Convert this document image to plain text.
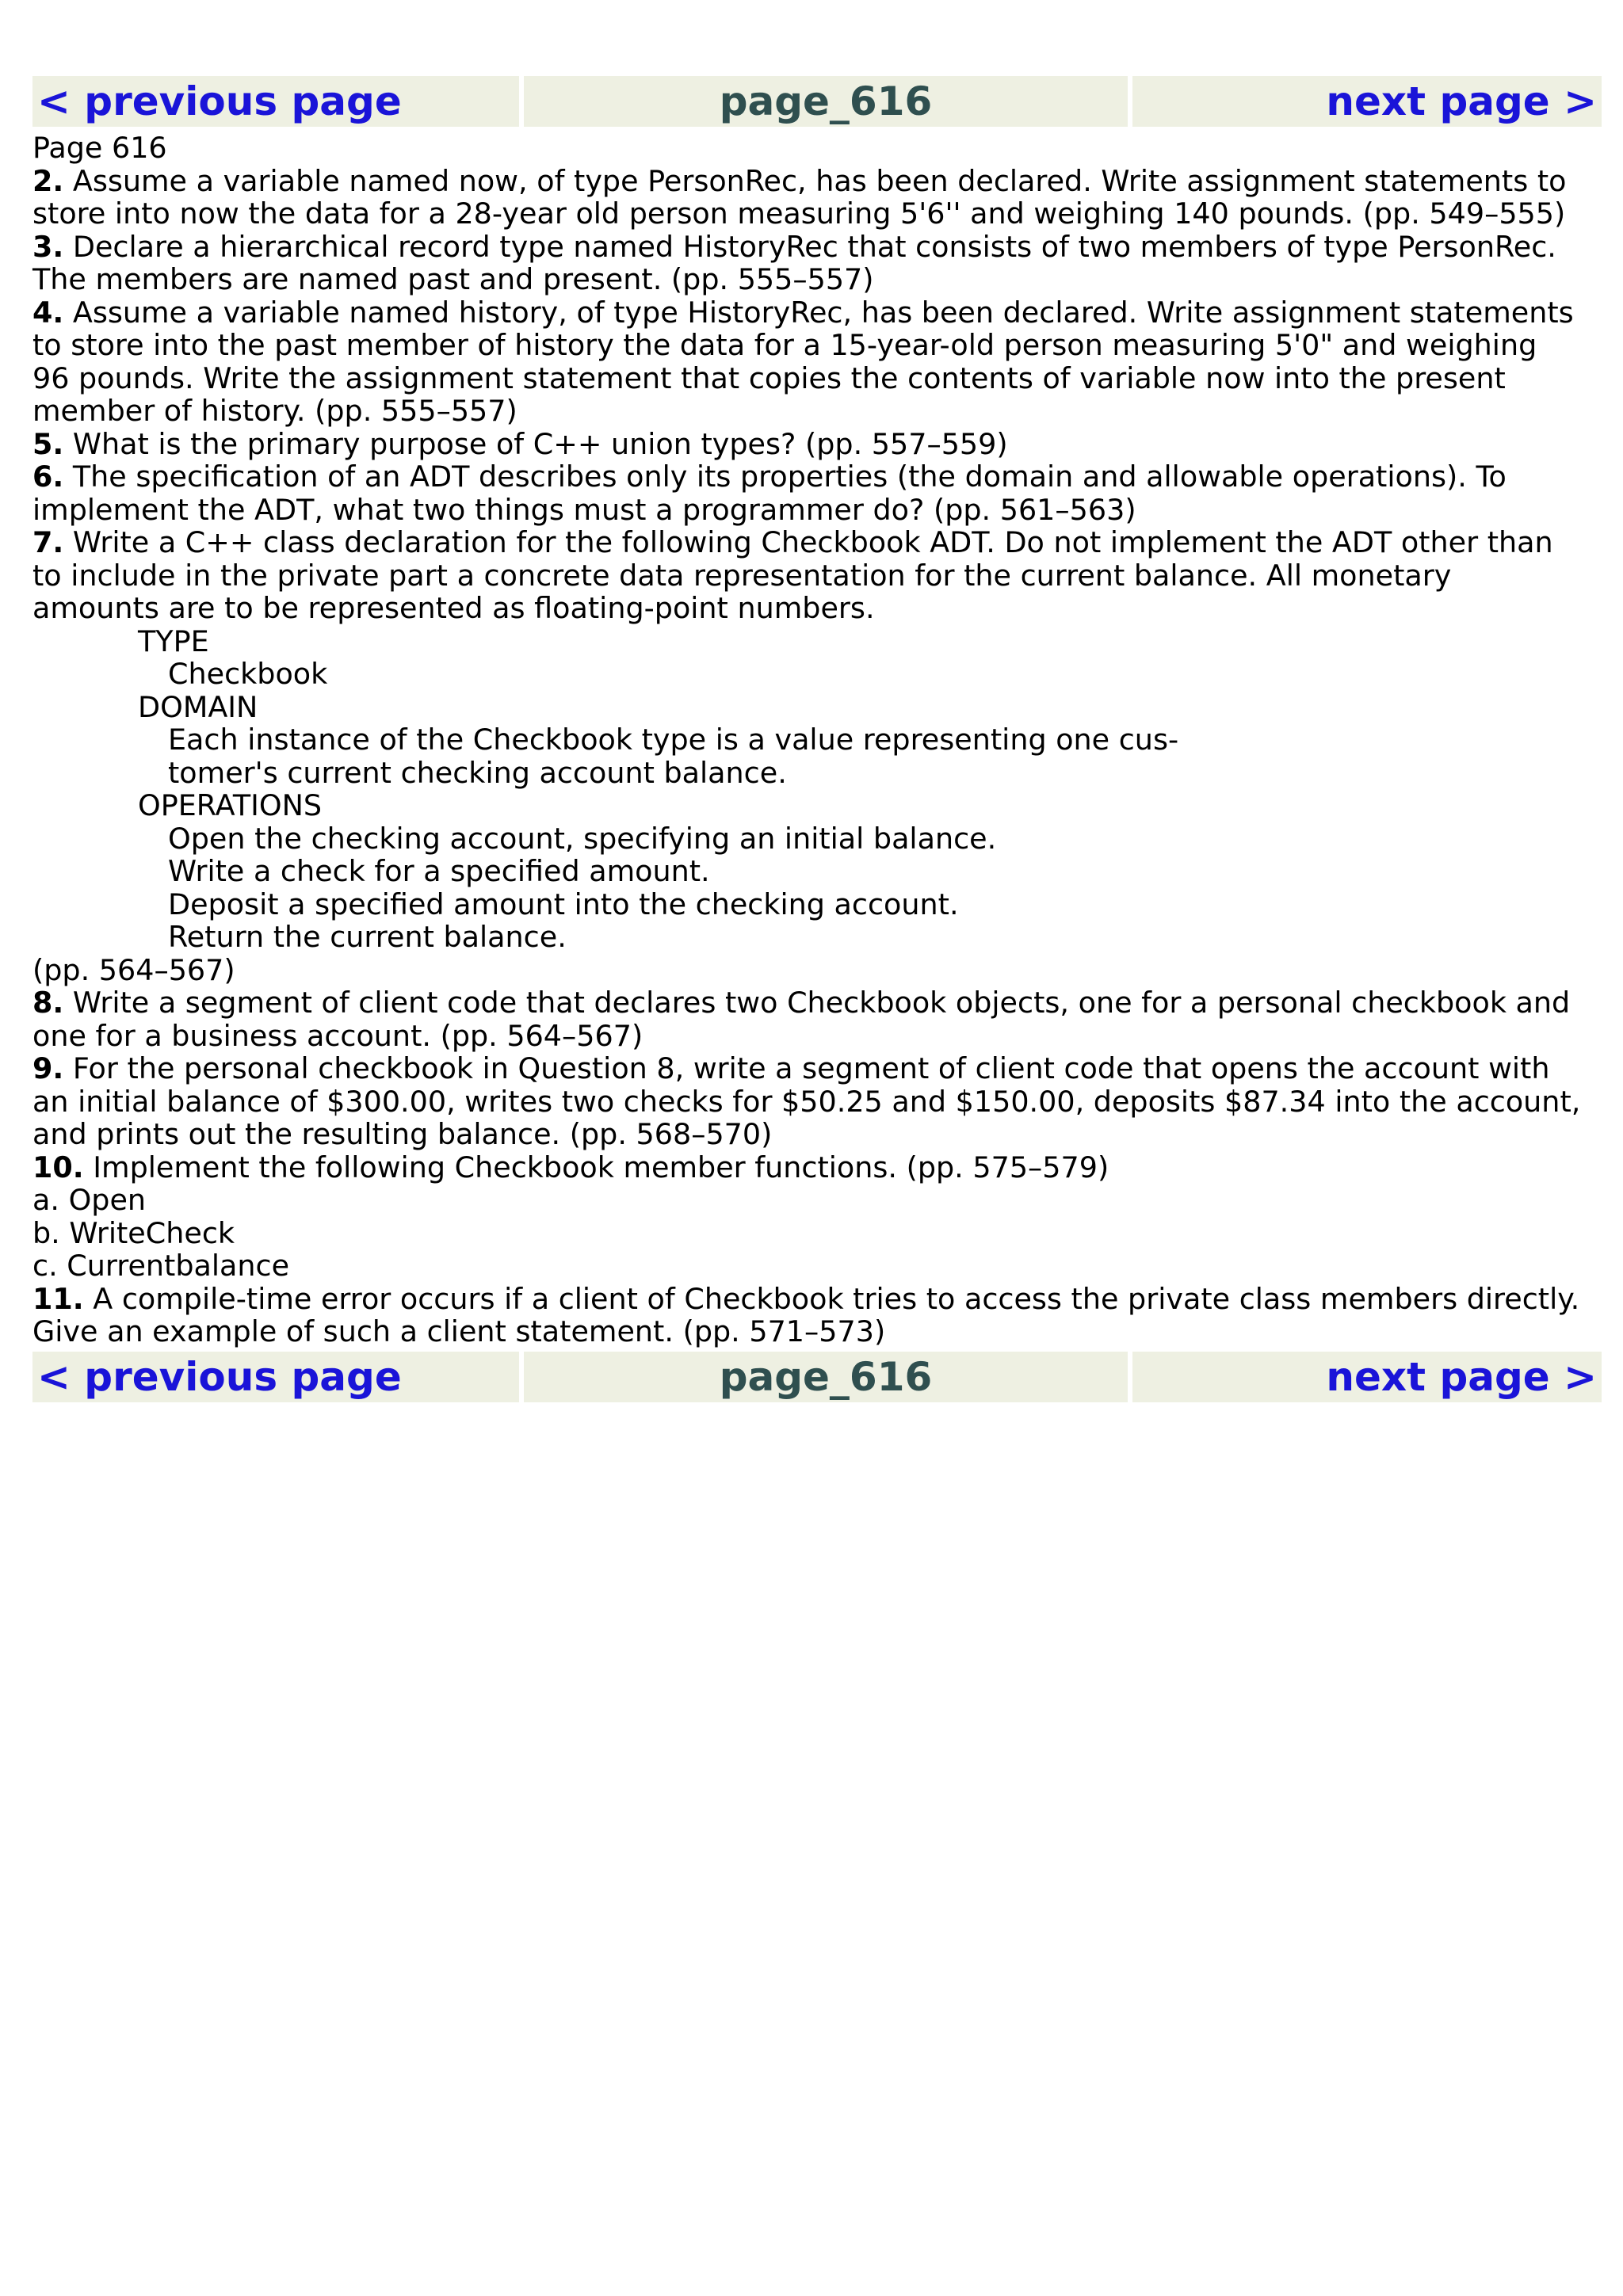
< previous page	page_616	next page >
Page 616
2. Assume a variable named now, of type PersonRec, has been declared. Write assignment statements to
store into now the data for a 28-year old person measuring 5'6'' and weighing 140 pounds. (pp. 549–555)
3. Declare a hierarchical record type named HistoryRec that consists of two members of type PersonRec.
The members are named past and present. (pp. 555–557)
4. Assume a variable named history, of type HistoryRec, has been declared. Write assignment statements
to store into the past member of history the data for a 15-year-old person measuring 5'0" and weighing
96 pounds. Write the assignment statement that copies the contents of variable now into the present
member of history. (pp. 555–557)
5. What is the primary purpose of C++ union types? (pp. 557–559)
6. The specification of an ADT describes only its properties (the domain and allowable operations). To
implement the ADT, what two things must a programmer do? (pp. 561–563)
7. Write a C++ class declaration for the following Checkbook ADT. Do not implement the ADT other than
to include in the private part a concrete data representation for the current balance. All monetary
amounts are to be represented as floating-point numbers.
TYPE
Checkbook
DOMAIN
Each instance of the Checkbook type is a value representing one cus-
tomer's current checking account balance.
OPERATIONS
Open the checking account, specifying an initial balance.
Write a check for a specified amount.
Deposit a specified amount into the checking account.
Return the current balance.
(pp. 564–567)
8. Write a segment of client code that declares two Checkbook objects, one for a personal checkbook and
one for a business account. (pp. 564–567)
9. For the personal checkbook in Question 8, write a segment of client code that opens the account with
an initial balance of $300.00, writes two checks for $50.25 and $150.00, deposits $87.34 into the account,
and prints out the resulting balance. (pp. 568–570)
10. Implement the following Checkbook member functions. (pp. 575–579)
a. Open
b. WriteCheck
c. Currentbalance
11. A compile-time error occurs if a client of Checkbook tries to access the private class members directly.
Give an example of such a client statement. (pp. 571–573)
< previous page	page_616	next page >
